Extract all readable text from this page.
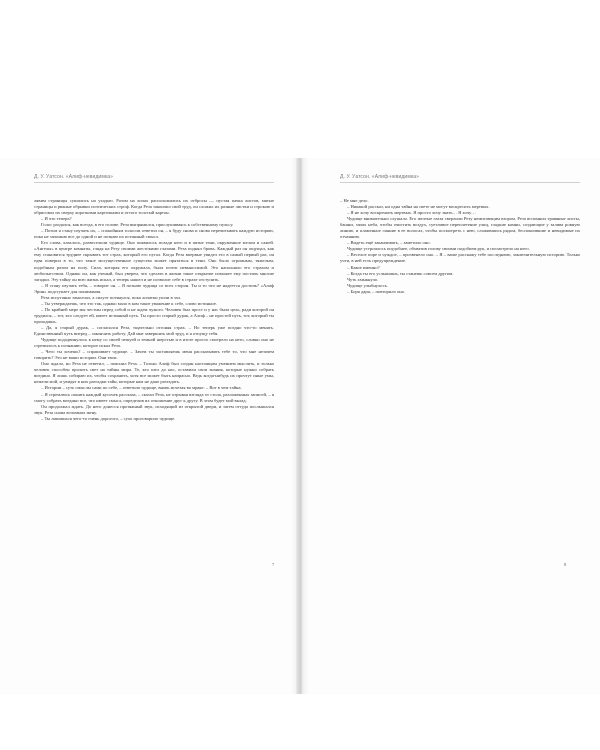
Д. У. Уатсон. «Алиф-невидимка»

лявим страницы сушились на ухадью. Разом на хопах расположились их отбросы — пустая пачка листов, мятые страницы и рваные обрывки поэтических строф. Когда Реза закончил свой труд, он сложил их разные листки и строкою и обрисовал их сверху короткими карточками и оттого толстый картон.

– И что теперь?

Голос раздался, как всегда, в его голове. Реза выпрямился, прислушиваясь к собственному пульсу.

– Потом я стану изучать их, – спокойным голосом ответил он, – я буду снова и снова перечитывать каждую историю, пока не запомню все до одной и не познаю их истинный смысл.

Его слова, казалось, развеселили чудище. Оно появилось позади него и в пятне тени, окруженное мелом и сажей. «Ангелы» в центре комнаты, глядя на Резу своими жестокими глазами. Реза поднял бровь. Каждый раз он ощущал, как ему становится труднее скрывать тот страх, который его пугал. Когда Реза впервые увидел его в самый первый раз, он едва поверил в то, что такое могущественное существо может прятаться в тени. Оно было огромным, тяжелым, подобным разом на полу. Сила, которая его окружала, была почти невыносимой. Это наполняло его страхом и любопытством. Однако он, как ученый, был уверен, что сделать в жизни такое открытие поможет ему постичь многие загадки. Эту тайну он всю жизнь искал, а теперь нашел и не позволит себе в страхе отступить.

– Я стану изучать тебя, – говорит он. – Я познаю чудища со всех сторон. Ты и то что не надеется достичь? «Алиф Эрин» подступает для понимания.

Реза испуганно замолчал, а силуэт потянулся, пока лопатки ушли в зал.

– Ты утверждаешь, что это так, однако мало в ком такое уважение к себе, слово истинное.

– По крайней мере мы честны перед собой и не ждем чужого. Человек был прост и у нас была цель, ради которой он трудился, – тот, кто следует ей, имеет истинный путь. Ты просто старый дурак, а Алиф – не простой путь, тот, который ты проходишь.

– Да, я старый дурак, – согласился Реза, тщательно отгоняя страх. – Но теперь уже поздно что-то менять. Единственный путь вперед – закончить работу. Дай мне завершить мой труд, и я отпущу тебя.

Чудище пододвинулось к нему со своей чешуей и темной шерстью и в итоге просто смотрело на него, словно оно не стремилось к познанию, которое искал Реза.

– Чего ты хочешь? – спрашивает чудище. – Зачем ты заставляешь меня рассказывать тебе то, что мне незачем говорить? Это не ваши истории. Они твои.

Оно ждало, но Реза не ответил, – пояснил Реза. – Только Алиф был создан настоящим умением мыслить, и только человек способен пролить свет на тайны мира. Те, кто шел до нас, оставили свои знания, которые нужно собрать воедино. Я лишь собираю их, чтобы сохранить, хотя все может быть напрасно. Ведь когда-нибудь их прочтут иные умы, нежели мой, и увидят в них разгадки тайн, которые нам не дано разгадать.

– Истории – суть смыслы сами по себе, – ответило чудище, вновь исчезая во мраке. – Вот в чем тайна.

– Я стремлюсь понять каждый кусочек рассказа, – сказал Реза, не отрывая взгляда от стола, разложенных записей, – я смогу собрать воедино все, что имеет смысл, определив их отношение друг к другу. В этом будет мой вклад.

Он продолжал ждать. До него донесся протяжный звук, исходящий из открытой двери, и затем оттуда послышался звук. Реза снова вспомнил жену.

– Ты лишишься чего-то очень дорогого, – сухо проговорило чудище.

7
Д. У. Уатсон. «Алиф-невидимка»

– Не мне дело.

– Никакой рассказ, ни одна тайна на свете не могут воскресить мертвых.

– Я не хочу воскрешать мертвых. Я просто хочу знать… Я хочу…

Чудище внимательно слушало. Его желтые глаза сверлили Резу немигающим взором. Реза вспомнил травяные листы, башни, запах неба, чтобы очистить воздух, суетливое переплетение улиц, гладкие камни, создающие у залива ровную линию, и пламенное сияние в ее волосах, чтобы посмотреть с нею, сложившись рядом, беспокоившие и невидимые их отчаянию.

– Видеть ещё заканчивать, – заметило оно.

Чудище устроилось поудобнее, обхватив голову своими подобием рук, и посмотрело на него.

– Веселое поре и чуждое, – прозвенело оно. – Я – ваше расскажу тебе последнюю, заключительную историю. Только учти, в ней есть предупреждение.

– Какое именно?

– Когда ты его услышишь, ты станешь совсем другим.

Чуть хмыкнуло.

Чудище улыбнулось.

– Боря даря, – повторило оно.

8
